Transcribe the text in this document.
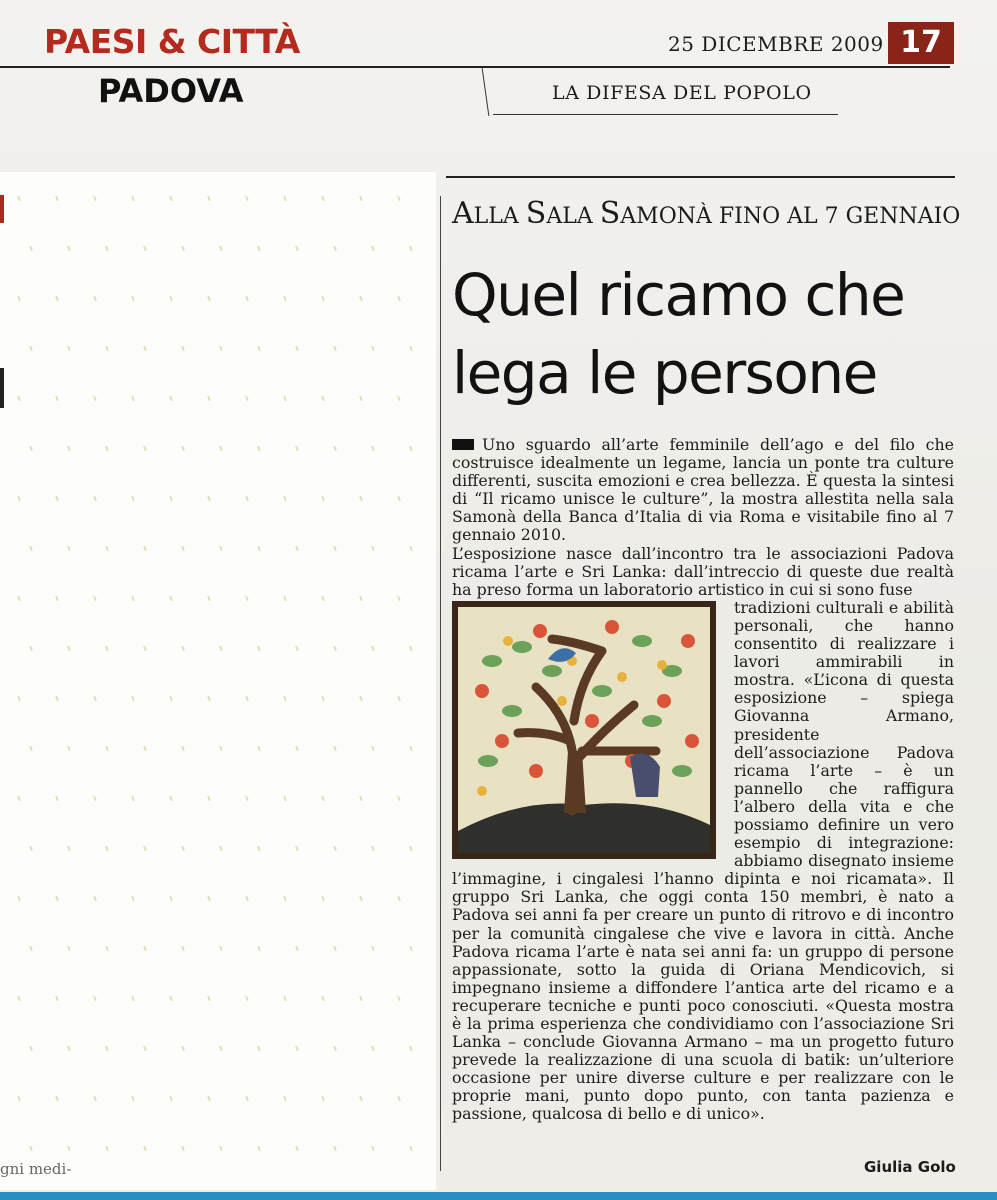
PAESI & CITTÀ
PADOVA
25 DICEMBRE 2009 17
LA DIFESA DEL POPOLO
gni medi-
ALLA SALA SAMONÀ FINO AL 7 GENNAIO
Quel ricamo che lega le persone

Uno sguardo all’arte femminile dell’ago e del filo che costruisce idealmente un legame, lancia un ponte tra culture differenti, suscita emozioni e crea bellezza. È questa la sintesi di “Il ricamo unisce le culture”, la mostra allestita nella sala Samonà della Banca d’Italia di via Roma e visitabile fino al 7 gennaio 2010.

L’esposizione nasce dall’incontro tra le associazioni Padova ricama l’arte e Sri Lanka: dall’intreccio di queste due realtà ha preso forma un laboratorio artistico in cui si sono fuse

tradizioni culturali e abilità personali, che hanno consentito di realizzare i lavori ammirabili in mostra. «L’icona di questa esposizione – spiega Giovanna Armano, presidente dell’associazione Padova ricama l’arte – è un pannello che raffigura l’albero della vita e che possiamo definire un vero esempio di integrazione: abbiamo disegnato insieme l’immagine, i cingalesi l’hanno dipinta e noi ricamata». Il gruppo Sri Lanka, che oggi conta 150 membri, è nato a Padova sei anni fa per creare un punto di ritrovo e di incontro per la comunità cingalese che vive e lavora in città. Anche Padova ricama l’arte è nata sei anni fa: un gruppo di persone appassionate, sotto la guida di Oriana Mendicovich, si impegnano insieme a diffondere l’antica arte del ricamo e a recuperare tecniche e punti poco conosciuti. «Questa mostra è la prima esperienza che condividiamo con l’associazione Sri Lanka – conclude Giovanna Armano – ma un progetto futuro prevede la realizzazione di una scuola di batik: un’ulteriore occasione per unire diverse culture e per realizzare con le proprie mani, punto dopo punto, con tanta pazienza e passione, qualcosa di bello e di unico».

Giulia Golo
